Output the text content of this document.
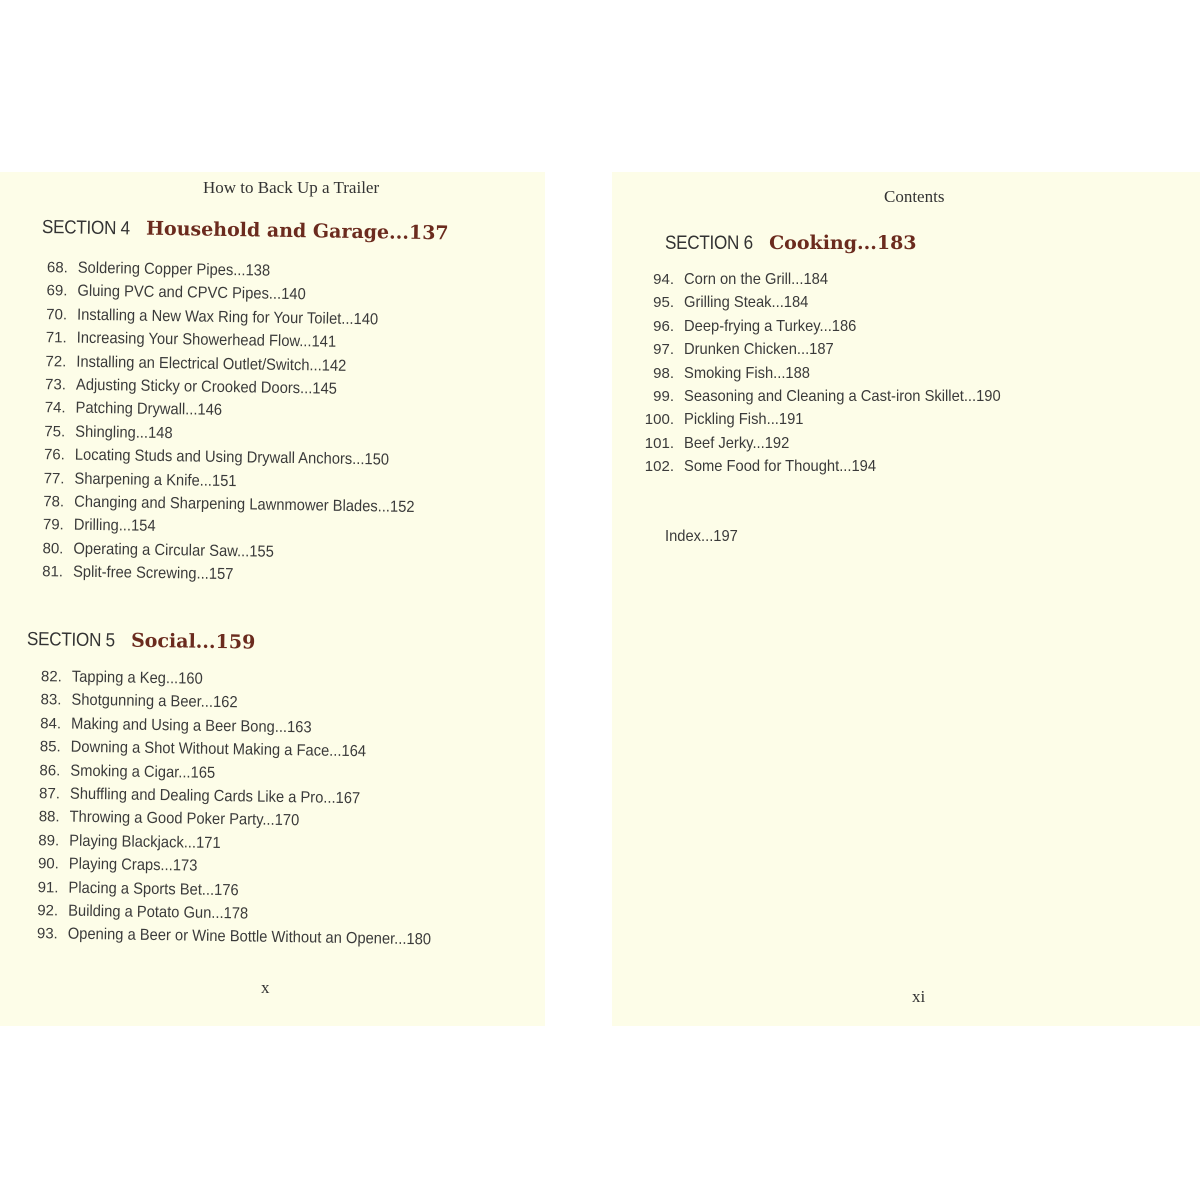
How to Back Up a Trailer
SECTION 4 Household and Garage...137
68. Soldering Copper Pipes...138
69. Gluing PVC and CPVC Pipes...140
70. Installing a New Wax Ring for Your Toilet...140
71. Increasing Your Showerhead Flow...141
72. Installing an Electrical Outlet/Switch...142
73. Adjusting Sticky or Crooked Doors...145
74. Patching Drywall...146
75. Shingling...148
76. Locating Studs and Using Drywall Anchors...150
77. Sharpening a Knife...151
78. Changing and Sharpening Lawnmower Blades...152
79. Drilling...154
80. Operating a Circular Saw...155
81. Split-free Screwing...157
SECTION 5 Social...159
82. Tapping a Keg...160
83. Shotgunning a Beer...162
84. Making and Using a Beer Bong...163
85. Downing a Shot Without Making a Face...164
86. Smoking a Cigar...165
87. Shuffling and Dealing Cards Like a Pro...167
88. Throwing a Good Poker Party...170
89. Playing Blackjack...171
90. Playing Craps...173
91. Placing a Sports Bet...176
92. Building a Potato Gun...178
93. Opening a Beer or Wine Bottle Without an Opener...180
x
Contents
SECTION 6 Cooking...183
94. Corn on the Grill...184
95. Grilling Steak...184
96. Deep-frying a Turkey...186
97. Drunken Chicken...187
98. Smoking Fish...188
99. Seasoning and Cleaning a Cast-iron Skillet...190
100. Pickling Fish...191
101. Beef Jerky...192
102. Some Food for Thought...194
Index...197
xi
